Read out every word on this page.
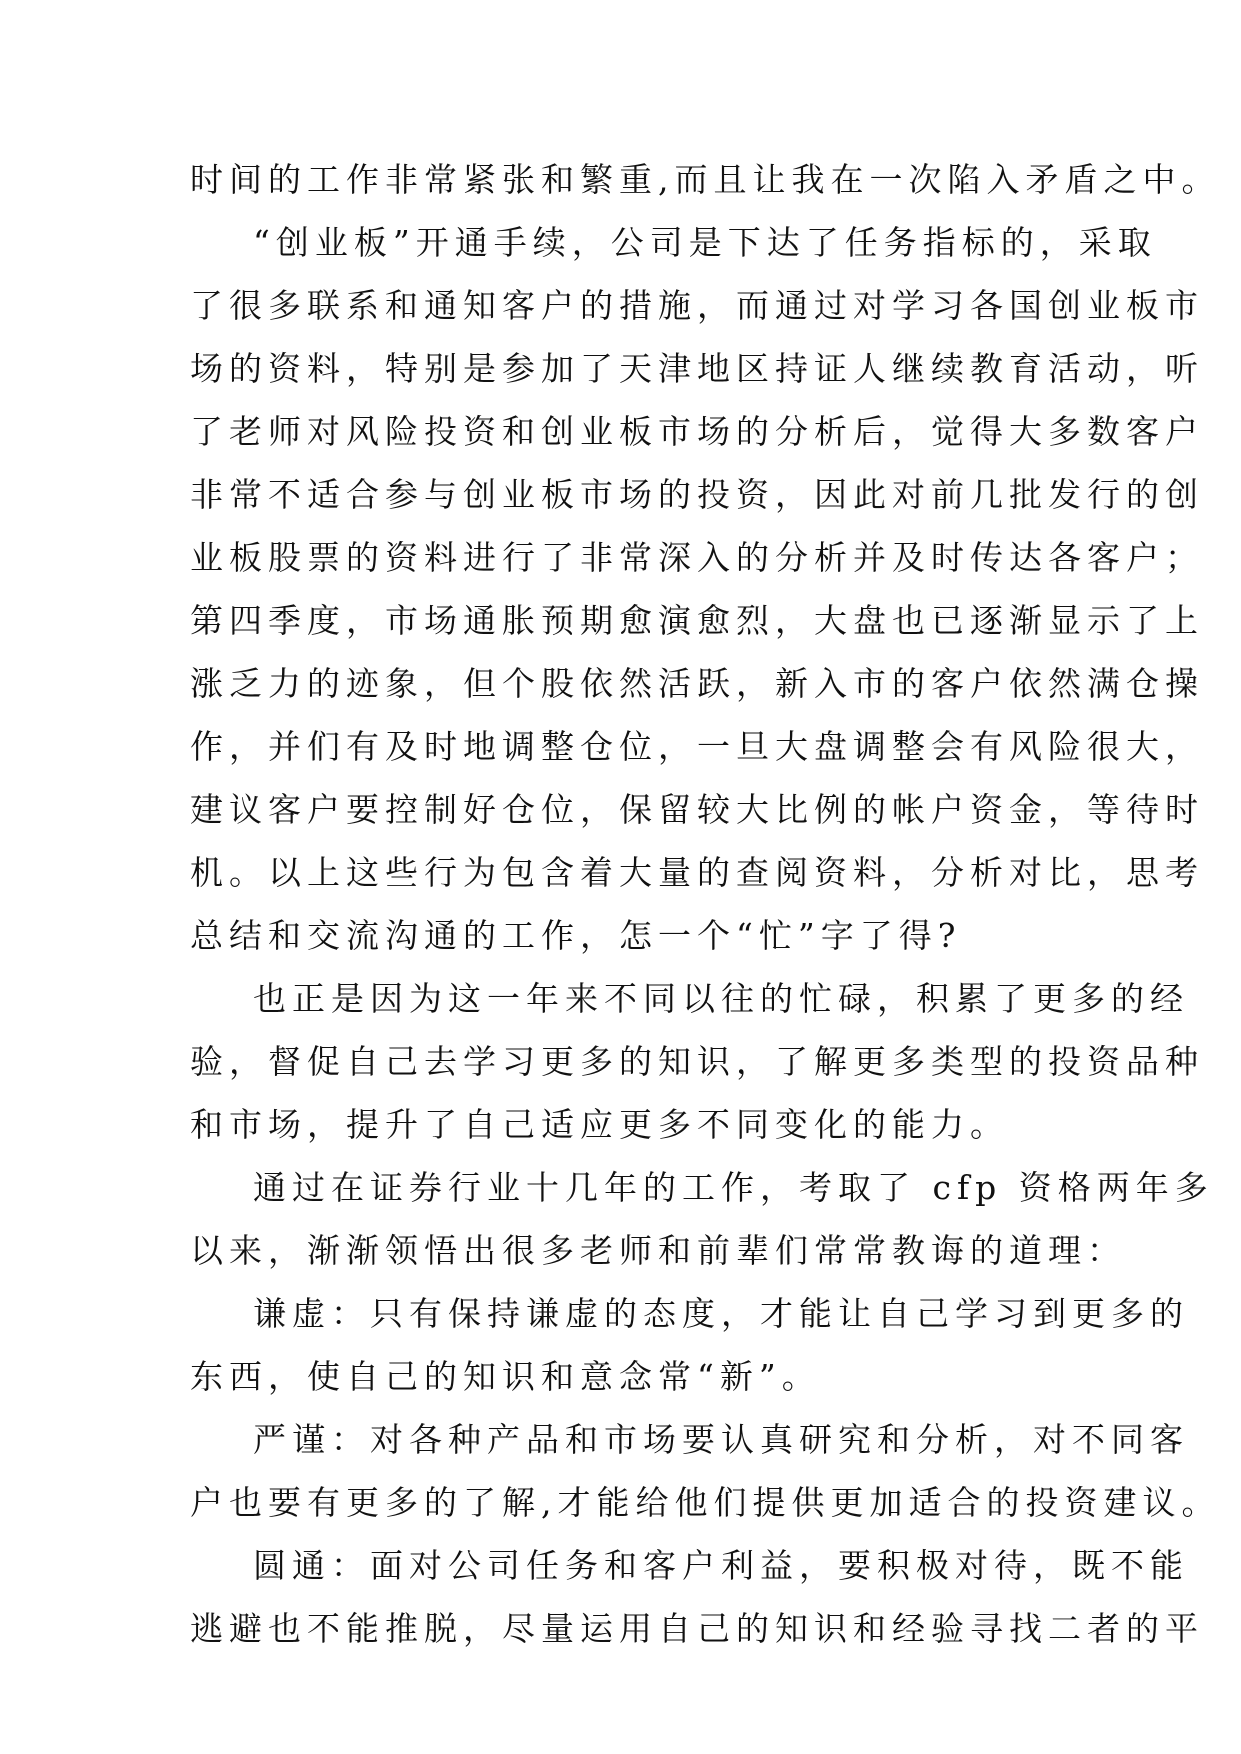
时间的工作非常紧张和繁重,而且让我在一次陷入矛盾之中。

“创业板”开通手续，公司是下达了任务指标的，采取

了很多联系和通知客户的措施，而通过对学习各国创业板市

场的资料，特别是参加了天津地区持证人继续教育活动，听

了老师对风险投资和创业板市场的分析后，觉得大多数客户

非常不适合参与创业板市场的投资，因此对前几批发行的创

业板股票的资料进行了非常深入的分析并及时传达各客户；

第四季度，市场通胀预期愈演愈烈，大盘也已逐渐显示了上

涨乏力的迹象，但个股依然活跃，新入市的客户依然满仓操

作，并们有及时地调整仓位，一旦大盘调整会有风险很大，

建议客户要控制好仓位，保留较大比例的帐户资金，等待时

机。以上这些行为包含着大量的查阅资料，分析对比，思考

总结和交流沟通的工作，怎一个“忙”字了得?

也正是因为这一年来不同以往的忙碌，积累了更多的经

验，督促自己去学习更多的知识，了解更多类型的投资品种

和市场，提升了自己适应更多不同变化的能力。

通过在证券行业十几年的工作，考取了 cfp 资格两年多

以来，渐渐领悟出很多老师和前辈们常常教诲的道理：

谦虚：只有保持谦虚的态度，才能让自己学习到更多的

东西，使自己的知识和意念常“新”。

严谨：对各种产品和市场要认真研究和分析，对不同客

户也要有更多的了解,才能给他们提供更加适合的投资建议。

圆通：面对公司任务和客户利益，要积极对待，既不能

逃避也不能推脱，尽量运用自己的知识和经验寻找二者的平
